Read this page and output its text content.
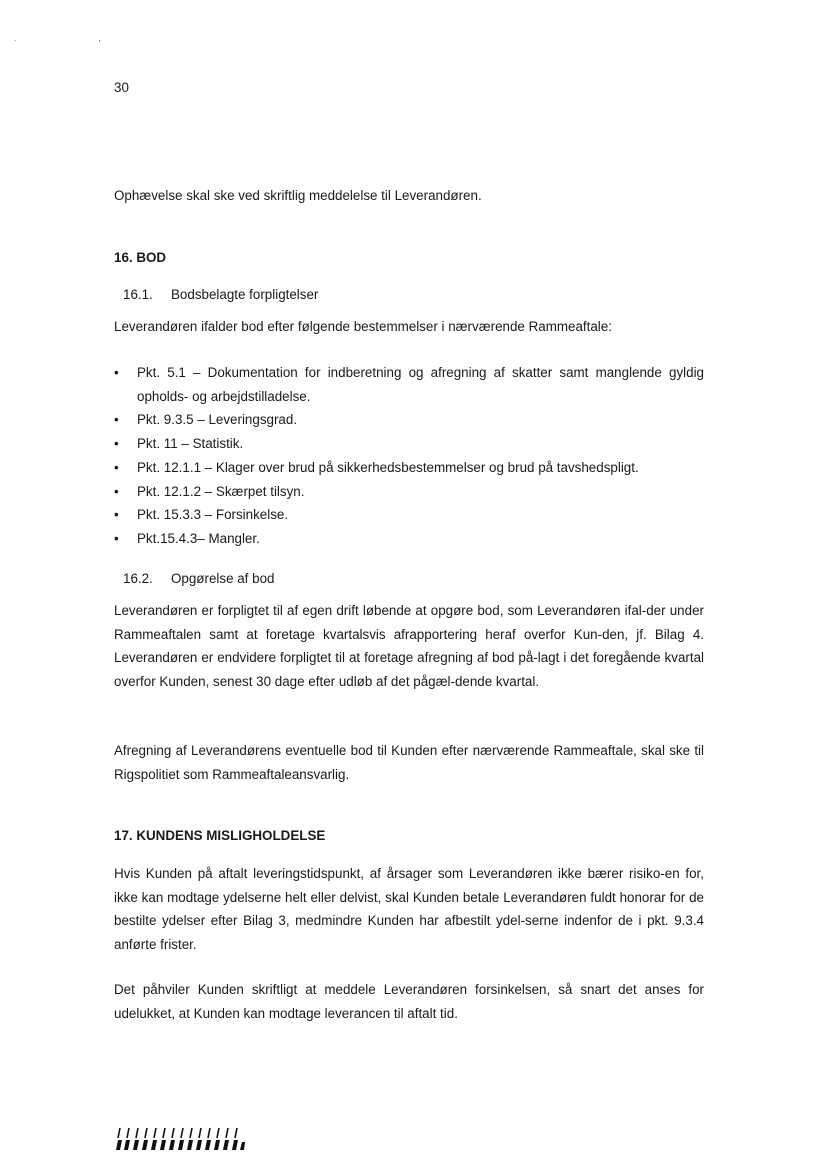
. ,
30
Ophævelse skal ske ved skriftlig meddelelse til Leverandøren.
16. BOD
16.1. Bodsbelagte forpligtelser
Leverandøren ifalder bod efter følgende bestemmelser i nærværende Rammeaftale:
• Pkt. 5.1 – Dokumentation for indberetning og afregning af skatter samt manglende gyldig opholds- og arbejdstilladelse.
• Pkt. 9.3.5 – Leveringsgrad.
• Pkt. 11 – Statistik.
• Pkt. 12.1.1 – Klager over brud på sikkerhedsbestemmelser og brud på tavshedspligt.
• Pkt. 12.1.2 – Skærpet tilsyn.
• Pkt. 15.3.3 – Forsinkelse.
• Pkt.15.4.3– Mangler.
16.2. Opgørelse af bod
Leverandøren er forpligtet til af egen drift løbende at opgøre bod, som Leverandøren ifal-der under Rammeaftalen samt at foretage kvartalsvis afrapportering heraf overfor Kun-den, jf. Bilag 4. Leverandøren er endvidere forpligtet til at foretage afregning af bod på-lagt i det foregående kvartal overfor Kunden, senest 30 dage efter udløb af det pågæl-dende kvartal.
Afregning af Leverandørens eventuelle bod til Kunden efter nærværende Rammeaftale, skal ske til Rigspolitiet som Rammeaftaleansvarlig.
17. KUNDENS MISLIGHOLDELSE
Hvis Kunden på aftalt leveringstidspunkt, af årsager som Leverandøren ikke bærer risiko-en for, ikke kan modtage ydelserne helt eller delvist, skal Kunden betale Leverandøren fuldt honorar for de bestilte ydelser efter Bilag 3, medmindre Kunden har afbestilt ydel-serne indenfor de i pkt. 9.3.4 anførte frister.
Det påhviler Kunden skriftligt at meddele Leverandøren forsinkelsen, så snart det anses for udelukket, at Kunden kan modtage leverancen til aftalt tid.
